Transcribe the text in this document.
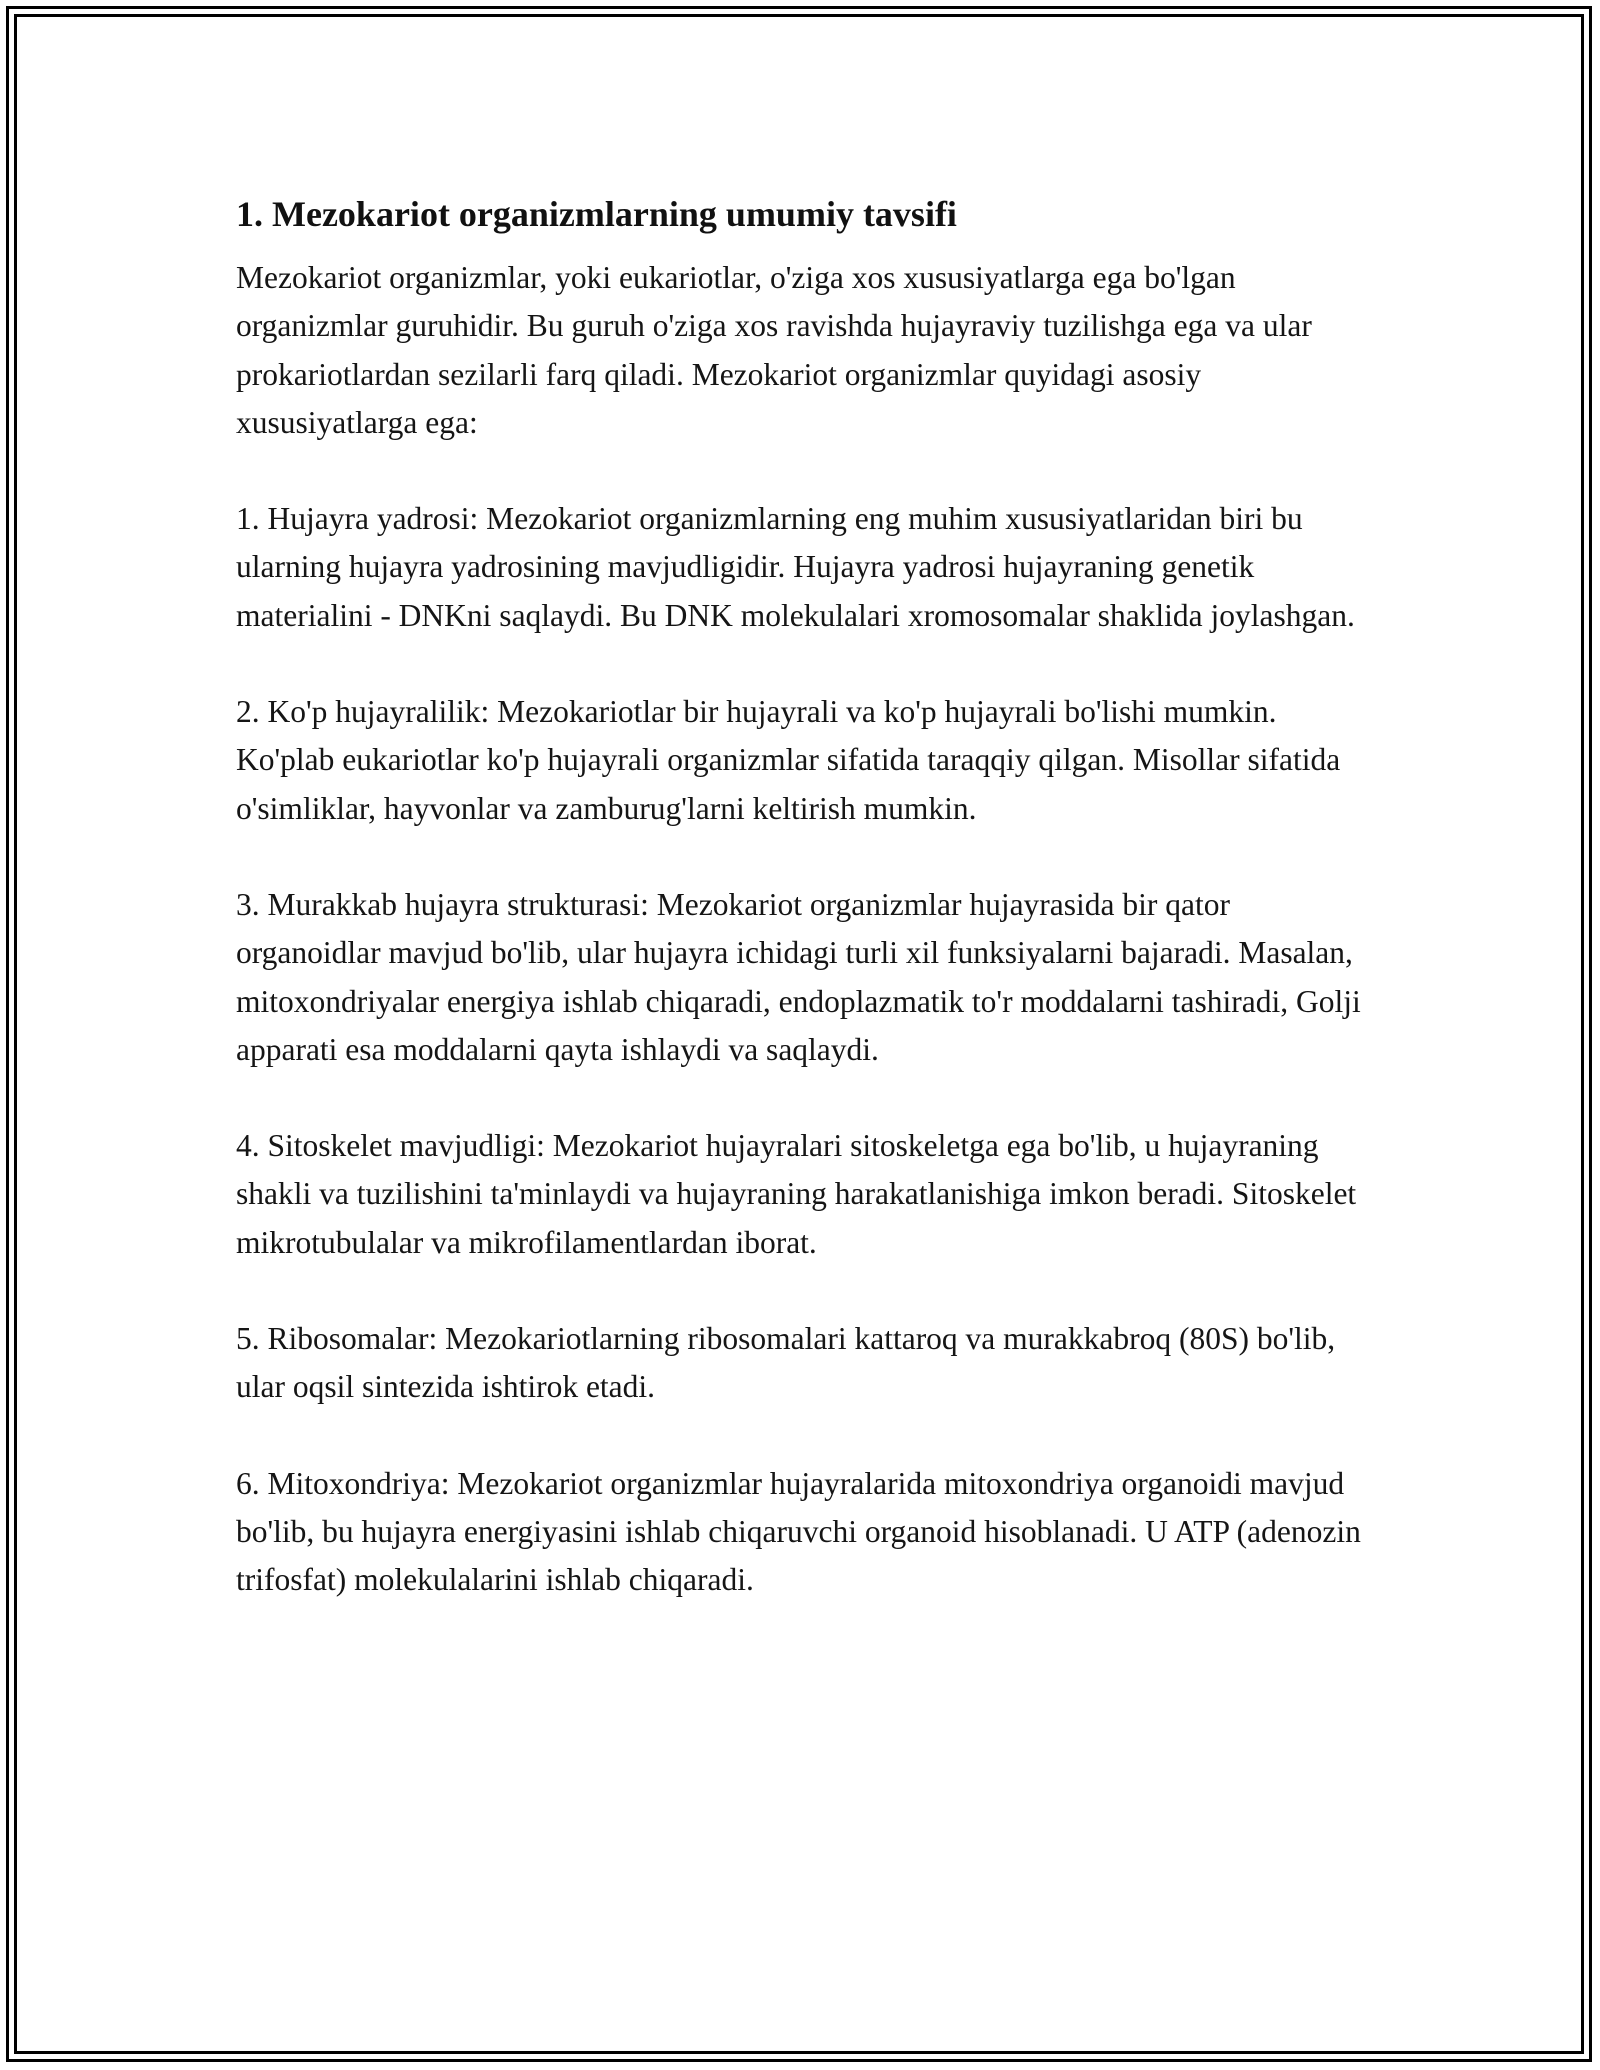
1. Mezokariot organizmlarning umumiy tavsifi

Mezokariot organizmlar, yoki eukariotlar, o'ziga xos xususiyatlarga ega bo'lgan organizmlar guruhidir. Bu guruh o'ziga xos ravishda hujayraviy tuzilishga ega va ular prokariotlardan sezilarli farq qiladi. Mezokariot organizmlar quyidagi asosiy xususiyatlarga ega:

1. Hujayra yadrosi: Mezokariot organizmlarning eng muhim xususiyatlaridan biri bu ularning hujayra yadrosining mavjudligidir. Hujayra yadrosi hujayraning genetik materialini - DNKni saqlaydi. Bu DNK molekulalari xromosomalar shaklida joylashgan.

2. Ko'p hujayralilik: Mezokariotlar bir hujayrali va ko'p hujayrali bo'lishi mumkin. Ko'plab eukariotlar ko'p hujayrali organizmlar sifatida taraqqiy qilgan. Misollar sifatida o'simliklar, hayvonlar va zamburug'larni keltirish mumkin.

3. Murakkab hujayra strukturasi: Mezokariot organizmlar hujayrasida bir qator organoidlar mavjud bo'lib, ular hujayra ichidagi turli xil funksiyalarni bajaradi. Masalan, mitoxondriyalar energiya ishlab chiqaradi, endoplazmatik to'r moddalarni tashiradi, Golji apparati esa moddalarni qayta ishlaydi va saqlaydi.

4. Sitoskelet mavjudligi: Mezokariot hujayralari sitoskeletga ega bo'lib, u hujayraning shakli va tuzilishini ta'minlaydi va hujayraning harakatlanishiga imkon beradi. Sitoskelet mikrotubulalar va mikrofilamentlardan iborat.

5. Ribosomalar: Mezokariotlarning ribosomalari kattaroq va murakkabroq (80S) bo'lib, ular oqsil sintezida ishtirok etadi.

6. Mitoxondriya: Mezokariot organizmlar hujayralarida mitoxondriya organoidi mavjud bo'lib, bu hujayra energiyasini ishlab chiqaruvchi organoid hisoblanadi. U ATP (adenozin trifosfat) molekulalarini ishlab chiqaradi.
